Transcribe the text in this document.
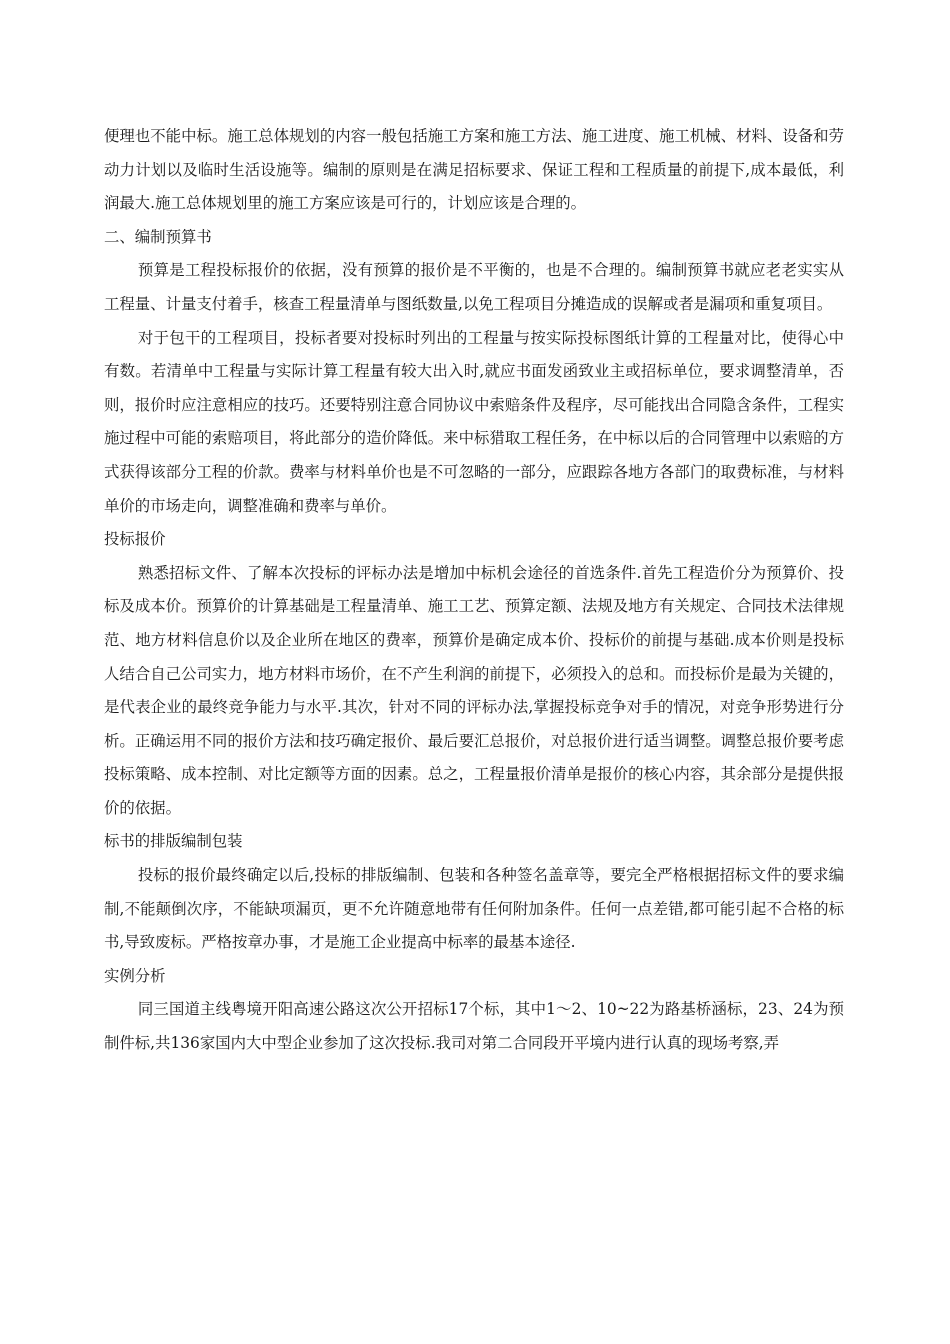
便理也不能中标。施工总体规划的内容一般包括施工方案和施工方法、施工进度、施工机械、材料、设备和劳动力计划以及临时生活设施等。编制的原则是在满足招标要求、保证工程和工程质量的前提下,成本最低，利润最大.施工总体规划里的施工方案应该是可行的，计划应该是合理的。

二、编制预算书

预算是工程投标报价的依据，没有预算的报价是不平衡的，也是不合理的。编制预算书就应老老实实从工程量、计量支付着手，核查工程量清单与图纸数量,以免工程项目分摊造成的误解或者是漏项和重复项目。

对于包干的工程项目，投标者要对投标时列出的工程量与按实际投标图纸计算的工程量对比，使得心中有数。若清单中工程量与实际计算工程量有较大出入时,就应书面发函致业主或招标单位，要求调整清单，否则，报价时应注意相应的技巧。还要特别注意合同协议中索赔条件及程序，尽可能找出合同隐含条件，工程实施过程中可能的索赔项目，将此部分的造价降低。来中标猎取工程任务，在中标以后的合同管理中以索赔的方式获得该部分工程的价款。费率与材料单价也是不可忽略的一部分，应跟踪各地方各部门的取费标准，与材料单价的市场走向，调整准确和费率与单价。

投标报价

熟悉招标文件、了解本次投标的评标办法是增加中标机会途径的首选条件.首先工程造价分为预算价、投标及成本价。预算价的计算基础是工程量清单、施工工艺、预算定额、法规及地方有关规定、合同技术法律规范、地方材料信息价以及企业所在地区的费率，预算价是确定成本价、投标价的前提与基础.成本价则是投标人结合自己公司实力，地方材料市场价，在不产生利润的前提下，必须投入的总和。而投标价是最为关键的，是代表企业的最终竞争能力与水平.其次，针对不同的评标办法,掌握投标竞争对手的情况，对竞争形势进行分析。正确运用不同的报价方法和技巧确定报价、最后要汇总报价，对总报价进行适当调整。调整总报价要考虑投标策略、成本控制、对比定额等方面的因素。总之，工程量报价清单是报价的核心内容，其余部分是提供报价的依据。

标书的排版编制包装

投标的报价最终确定以后,投标的排版编制、包装和各种签名盖章等，要完全严格根据招标文件的要求编制,不能颠倒次序，不能缺项漏页，更不允许随意地带有任何附加条件。任何一点差错,都可能引起不合格的标书,导致废标。严格按章办事，才是施工企业提高中标率的最基本途径.

实例分析

同三国道主线粤境开阳高速公路这次公开招标17个标，其中1～2、10~22为路基桥涵标，23、24为预制件标,共136家国内大中型企业参加了这次投标.我司对第二合同段开平境内进行认真的现场考察,弄
